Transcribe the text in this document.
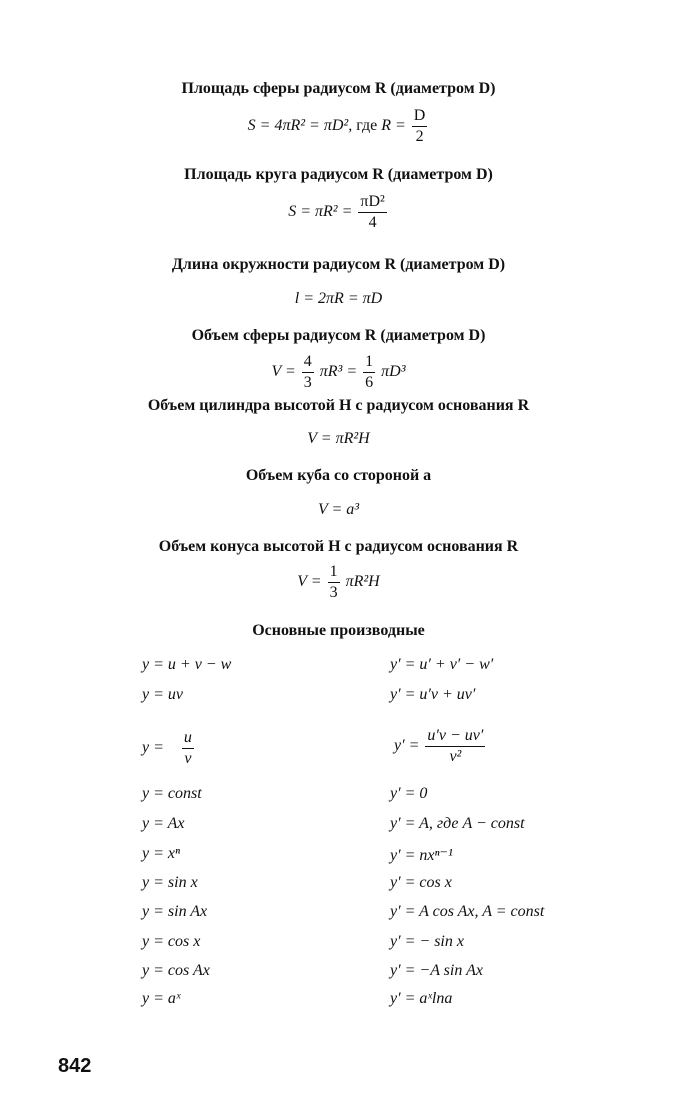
Площадь сферы радиусом R (диаметром D)
S = 4πR² = πD², где $R = \frac{D}{2}$
Площадь круга радиусом R (диаметром D)
$S = \pi R^2 = \frac{\text{πD²}}{4}$
Длина окружности радиусом R (диаметром D)
l = 2πR = πD
Объем сферы радиусом R (диаметром D)
$V = \frac{4}{3} \pi R^3 = \frac{1}{6} \pi D^3$
Объем цилиндра высотой H с радиусом основания R
V = πR²H
Объем куба со стороной a
V = a³
Объем конуса высотой H с радиусом основания R
$V = \frac{1}{3} \pi R^2H$
Основные производные
y = u + v − w	y′ = u′ + v′ − w′
y = uv	y′ = u′v + uv′
$y = \frac{u}{v}$	$y' = \frac{u'v - uv'}{\text{v²}}$
y = const	y′ = 0
y = Ax	y′ = A, где A − const
y = xⁿ	y′ = nxⁿ⁻¹
y = sin x	y′ = cos x
y = sin Ax	y′ = A cos Ax, A = const
y = cos x	y′ = − sin x
y = cos Ax	y′ = −A sin Ax
y = aˣ	y′ = aˣlna
842
